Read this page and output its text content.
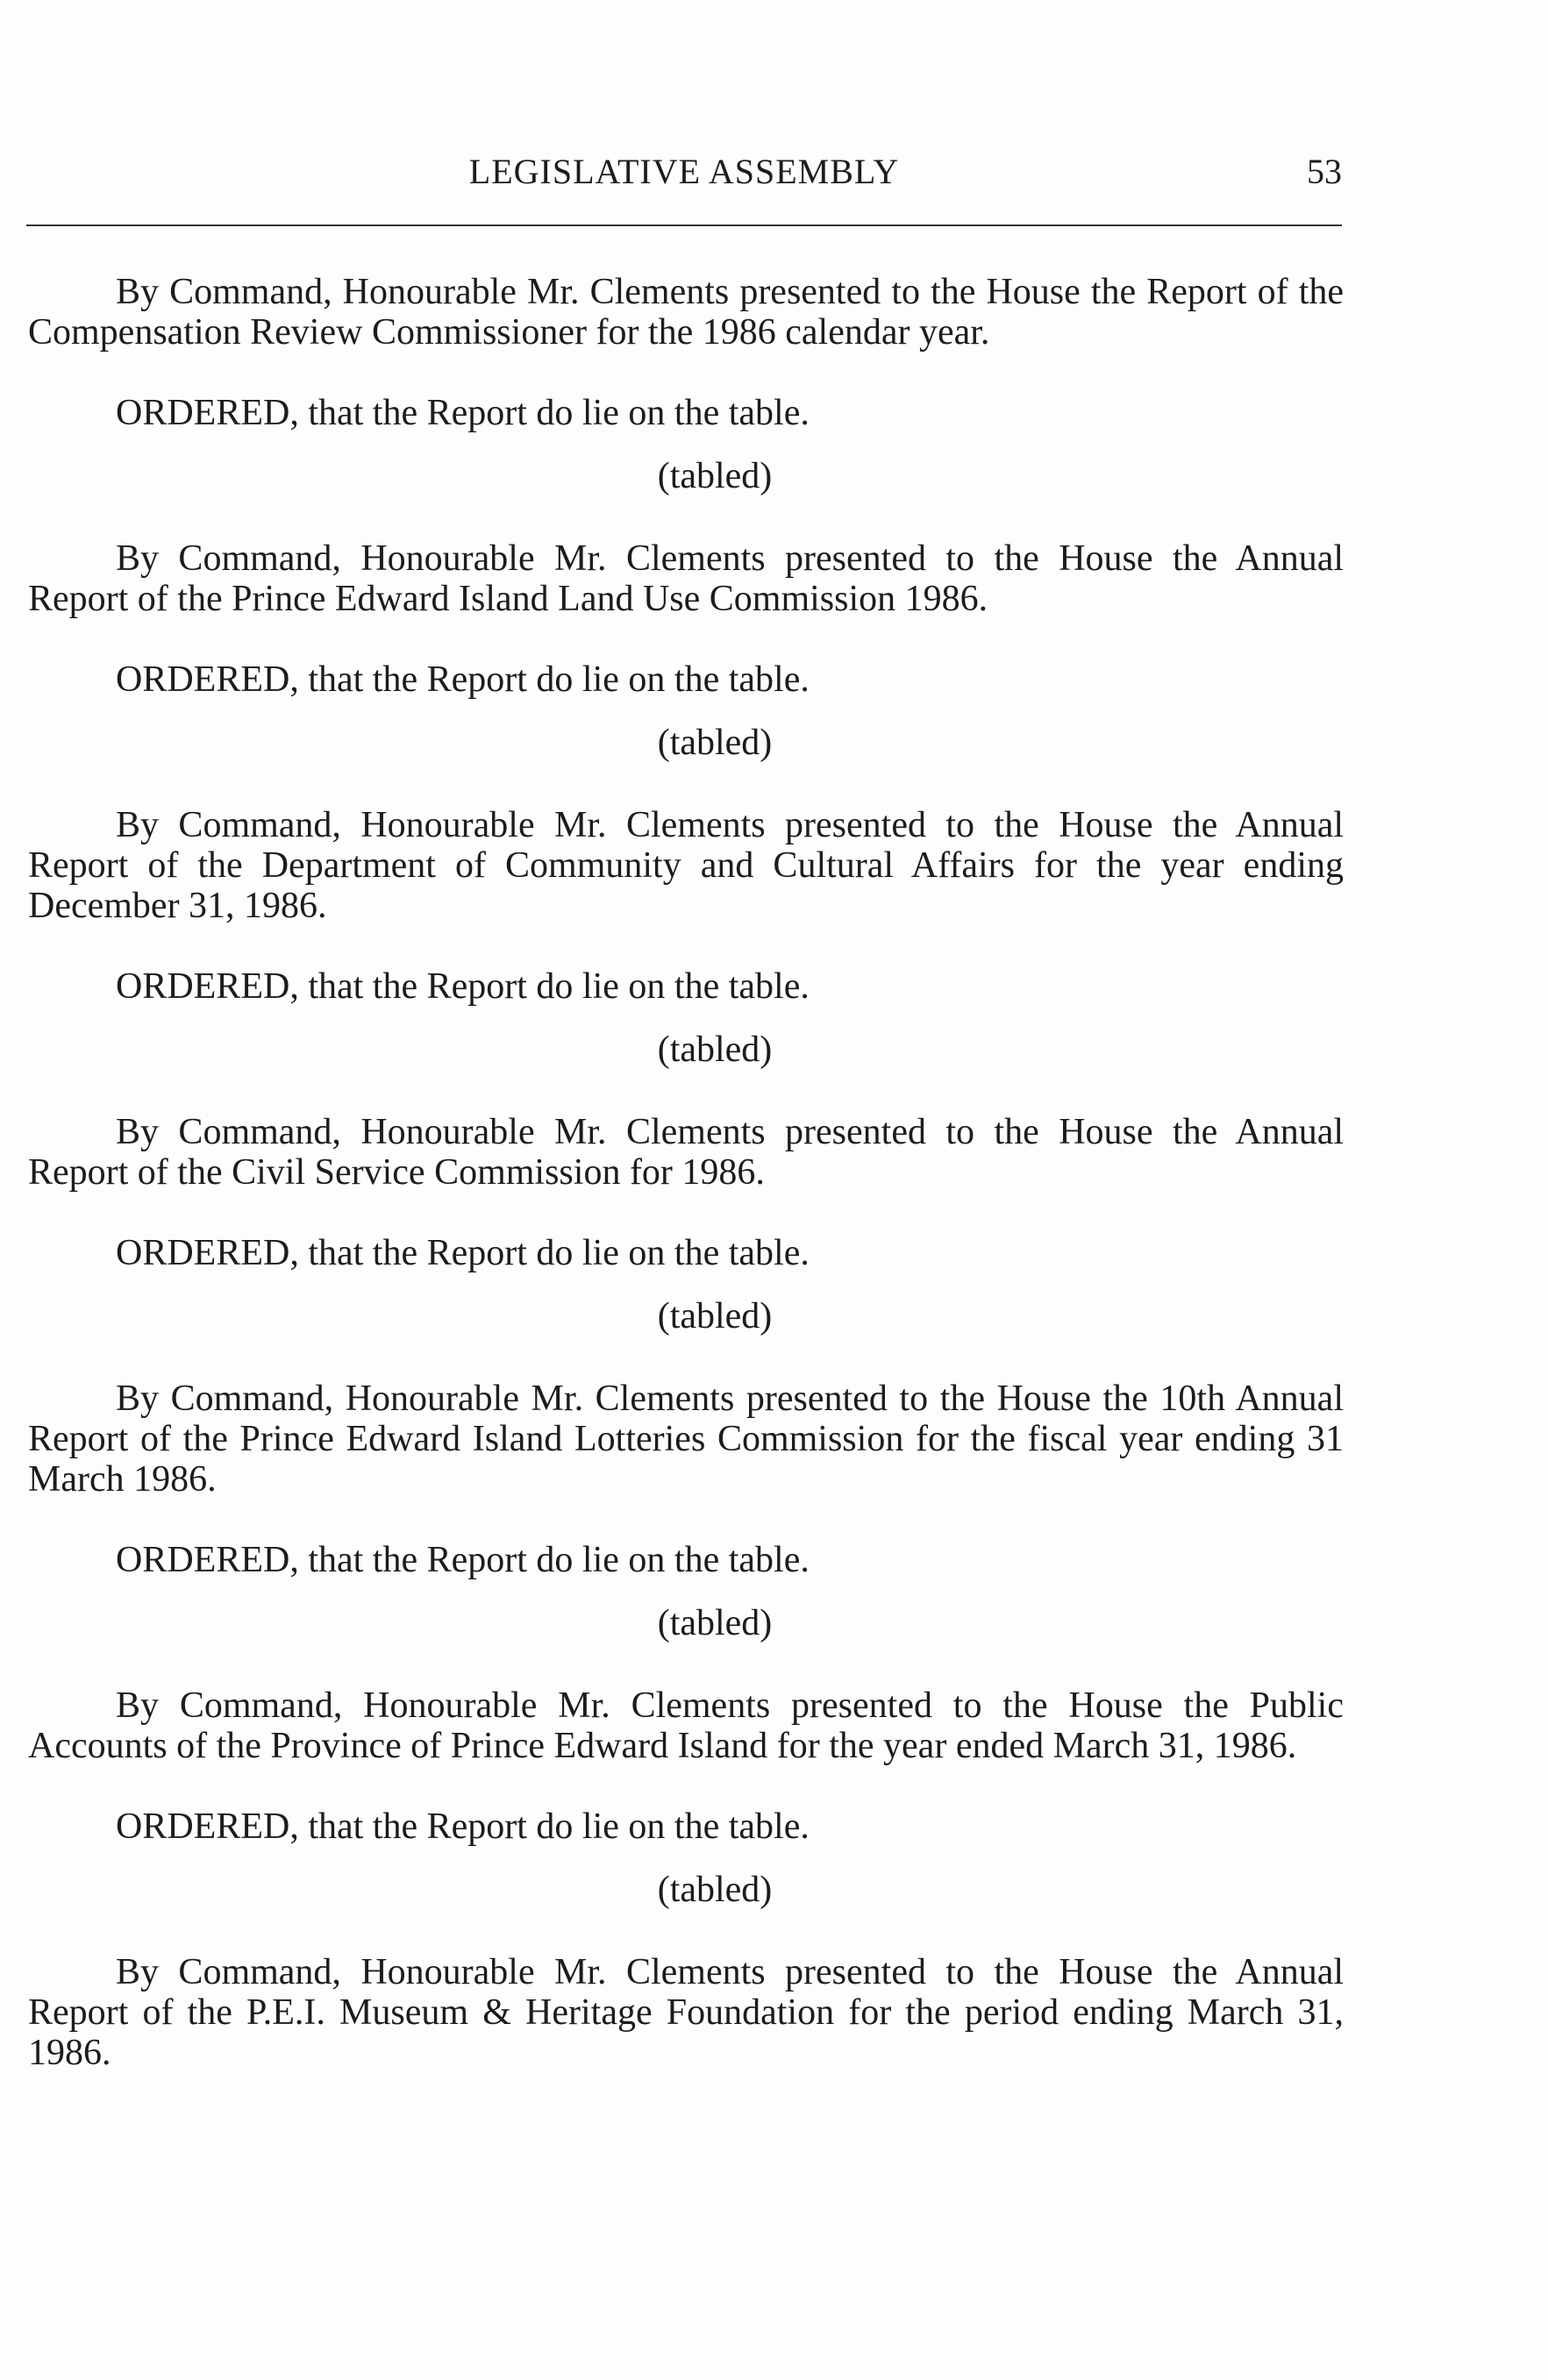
LEGISLATIVE ASSEMBLY	53

By Command, Honourable Mr. Clements presented to the House the Report of the Compensation Review Commissioner for the 1986 calendar year.

ORDERED, that the Report do lie on the table.

(tabled)

By Command, Honourable Mr. Clements presented to the House the Annual Report of the Prince Edward Island Land Use Commission 1986.

ORDERED, that the Report do lie on the table.

(tabled)

By Command, Honourable Mr. Clements presented to the House the Annual Report of the Department of Community and Cultural Affairs for the year ending December 31, 1986.

ORDERED, that the Report do lie on the table.

(tabled)

By Command, Honourable Mr. Clements presented to the House the Annual Report of the Civil Service Commission for 1986.

ORDERED, that the Report do lie on the table.

(tabled)

By Command, Honourable Mr. Clements presented to the House the 10th Annual Report of the Prince Edward Island Lotteries Commission for the fiscal year ending 31 March 1986.

ORDERED, that the Report do lie on the table.

(tabled)

By Command, Honourable Mr. Clements presented to the House the Public Accounts of the Province of Prince Edward Island for the year ended March 31, 1986.

ORDERED, that the Report do lie on the table.

(tabled)

By Command, Honourable Mr. Clements presented to the House the Annual Report of the P.E.I. Museum & Heritage Foundation for the period ending March 31, 1986.
